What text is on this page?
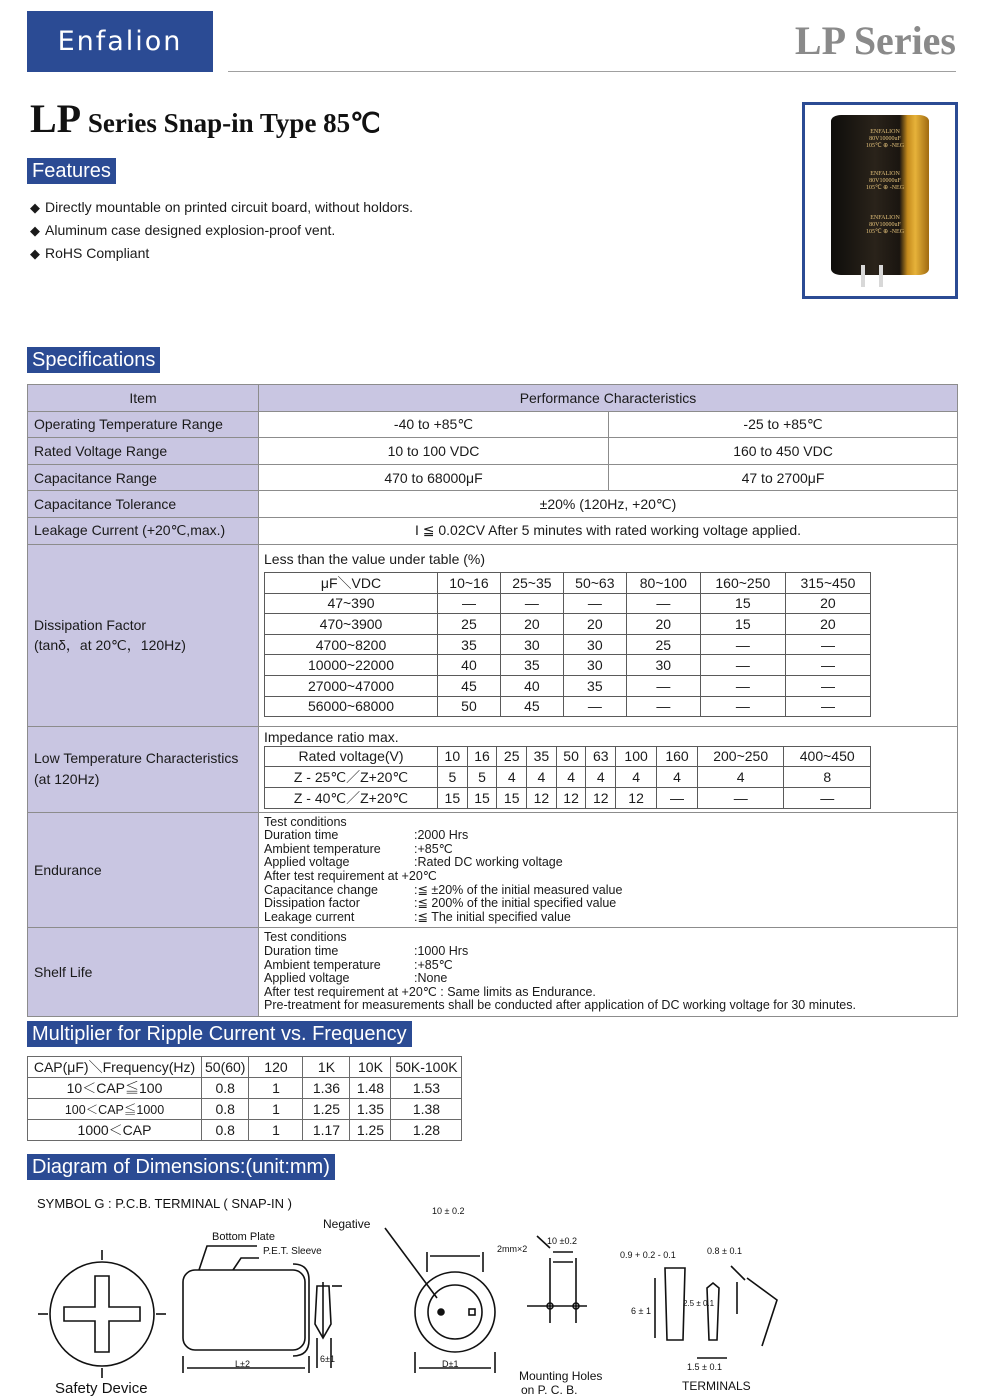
Enfalion	LP Series
LP Series Snap-in Type 85℃
Features
◆ Directly mountable on printed circuit board, without holdors.
◆ Aluminum case designed explosion-proof vent.
◆ RoHS Compliant
ENFALION
80V10000uF
105℃ ⊕ -NEG
ENFALION
80V10000uF
105℃ ⊕ -NEG
ENFALION
80V10000uF
105℃ ⊕ -NEG
Specifications
Item	Performance Characteristics
Operating Temperature Range	-40 to +85℃	-25 to +85℃
Rated Voltage Range	10 to 100 VDC	160 to 450 VDC
Capacitance Range	470 to 68000μF	47 to 2700μF
Capacitance Tolerance	±20% (120Hz, +20℃)
Leakage Current (+20℃,max.)	I ≦ 0.02CV After 5 minutes with rated working voltage applied.

Dissipation Factor
(tanδ，at 20℃，120Hz)

Less than the value under table (%)
μF＼VDC	10~16	25~35	50~63	80~100	160~250	315~450
47~390	—	—	—	—	15	20
470~3900	25	20	20	20	15	20
4700~8200	35	30	30	25	—	—
10000~22000	40	35	30	30	—	—
27000~47000	45	40	35	—	—	—
56000~68000	50	45	—	—	—	—

Low Temperature Characteristics
(at 120Hz)

Impedance ratio max.
Rated voltage(V)	10	16	25	35	50	63	100	160	200~250	400~450
Z - 25℃／Z+20℃	5	5	4	4	4	4	4	4	4	8
Z - 40℃／Z+20℃	15	15	15	12	12	12	12	—	—	—

Endurance	
Test conditions
Duration time	:2000 Hrs
Ambient temperature	:+85℃
Applied voltage	:Rated DC working voltage
After test requirement at +20℃
Capacitance change	:≦ ±20% of the initial measured value
Dissipation factor	:≦ 200% of the initial specified value
Leakage current	:≦ The initial specified value

Shelf Life	
Test conditions
Duration time	:1000 Hrs
Ambient temperature	:+85℃
Applied voltage	:None
After test requirement at +20℃ : Same limits as Endurance.
Pre-treatment for measurements shall be conducted after application of DC working voltage for 30 minutes.
Multiplier for Ripple Current vs. Frequency
CAP(μF)＼Frequency(Hz)	50(60)	120	1K	10K	50K-100K
10＜CAP≦100	0.8	1	1.36	1.48	1.53
100＜CAP≦1000	0.8	1	1.25	1.35	1.38
1000＜CAP	0.8	1	1.17	1.25	1.28
Diagram of Dimensions:(unit:mm)
SYMBOL G : P.C.B. TERMINAL ( SNAP-IN )
Bottom Plate
P.E.T. Sleeve
Safety Device
L±2	6±1
Negative
10 ± 0.2
D±1
2mm×2
10 ±0.2
Mounting Holes
on P. C. B.
0.9 + 0.2 - 0.1	0.8 ± 0.1
2.5 ± 0.1
6 ± 1
1.5 ± 0.1
TERMINALS
